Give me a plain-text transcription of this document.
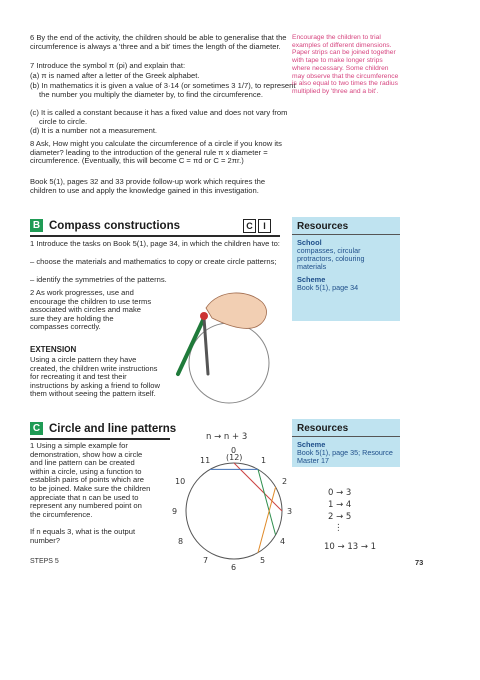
6 By the end of the activity, the children should be able to generalise that the circumference is always a 'three and a bit' times the length of the diameter.

7 Introduce the symbol π (pi) and explain that:

(a) π is named after a letter of the Greek alphabet.

(b) In mathematics it is given a value of 3·14 (or sometimes 3 1/7), to represent the number you multiply the diameter by, to find the circumference.

(c) It is called a constant because it has a fixed value and does not vary from circle to circle.

(d) It is a number not a measurement.

8 Ask, How might you calculate the circumference of a circle if you know its diameter? leading to the introduction of the general rule π x diameter = circumference. (Eventually, this will become C = πd or C = 2πr.)

Book 5(1), pages 32 and 33 provide follow-up work which requires the children to use and apply the knowledge gained in this investigation.

Encourage the children to trial examples of different dimensions. Paper strips can be joined together with tape to make longer strips where necessary. Some children may observe that the circumference is also equal to two times the radius multiplied by 'three and a bit'.

B Compass constructions	C	I

1 Introduce the tasks on Book 5(1), page 34, in which the children have to:

– choose the materials and mathematics to copy or create circle patterns;

– identify the symmetries of the patterns.

2 As work progresses, use and encourage the children to use terms associated with circles and make sure they are holding the compasses correctly.

EXTENSION

Using a circle pattern they have created, the children write instructions for recreating it and test their instructions by asking a friend to follow them without seeing the pattern itself.

Resources
School

compasses, circular protractors, colouring materials

Scheme

Book 5(1), page 34

C Circle and line patterns

1 Using a simple example for demonstration, show how a circle and line pattern can be created within a circle, using a function to establish pairs of points which are to be joined. Make sure the children appreciate that n can be used to represent any numbered point on the circumference.

If n equals 3, what is the output number?

n → n + 3
0
(12) 1
2
3
4
5
6
7
8
9
10
11
Resources
Scheme

Book 5(1), page 35; Resource Master 17

0 → 3
1 → 4
2 → 5
⋮
10 → 13 → 1
STEPS 5	73
